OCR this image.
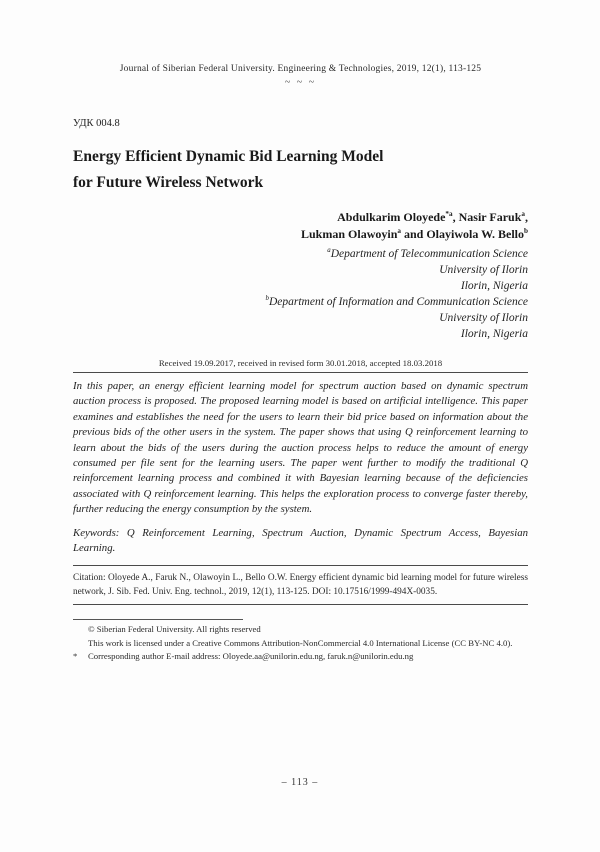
Journal of Siberian Federal University. Engineering & Technologies, 2019, 12(1), 113-125
~ ~ ~
УДК 004.8
Energy Efficient Dynamic Bid Learning Model
for Future Wireless Network
Abdulkarim Oloyede$^{*a}$, Nasir Faruk$^a$,
Lukman Olawoyin$^a$ and Olayiwola W. Bello$^b$
$^a$Department of Telecommunication Science
University of Ilorin
Ilorin, Nigeria
$^b$Department of Information and Communication Science
University of Ilorin
Ilorin, Nigeria
Received 19.09.2017, received in revised form 30.01.2018, accepted 18.03.2018

In this paper, an energy efficient learning model for spectrum auction based on dynamic spectrum auction process is proposed. The proposed learning model is based on artificial intelligence. This paper examines and establishes the need for the users to learn their bid price based on information about the previous bids of the other users in the system. The paper shows that using Q reinforcement learning to learn about the bids of the users during the auction process helps to reduce the amount of energy consumed per file sent for the learning users. The paper went further to modify the traditional Q reinforcement learning process and combined it with Bayesian learning because of the deficiencies associated with Q reinforcement learning. This helps the exploration process to converge faster thereby, further reducing the energy consumption by the system.

Keywords: Q Reinforcement Learning, Spectrum Auction, Dynamic Spectrum Access, Bayesian Learning.

Citation: Oloyede A., Faruk N., Olawoyin L., Bello O.W. Energy efficient dynamic bid learning model for future wireless network, J. Sib. Fed. Univ. Eng. technol., 2019, 12(1), 113-125. DOI: 10.17516/1999-494X-0035.

© Siberian Federal University. All rights reserved
This work is licensed under a Creative Commons Attribution-NonCommercial 4.0 International License (CC BY-NC 4.0).
* Corresponding author E-mail address: Oloyede.aa@unilorin.edu.ng, faruk.n@unilorin.edu.ng
– 113 –
